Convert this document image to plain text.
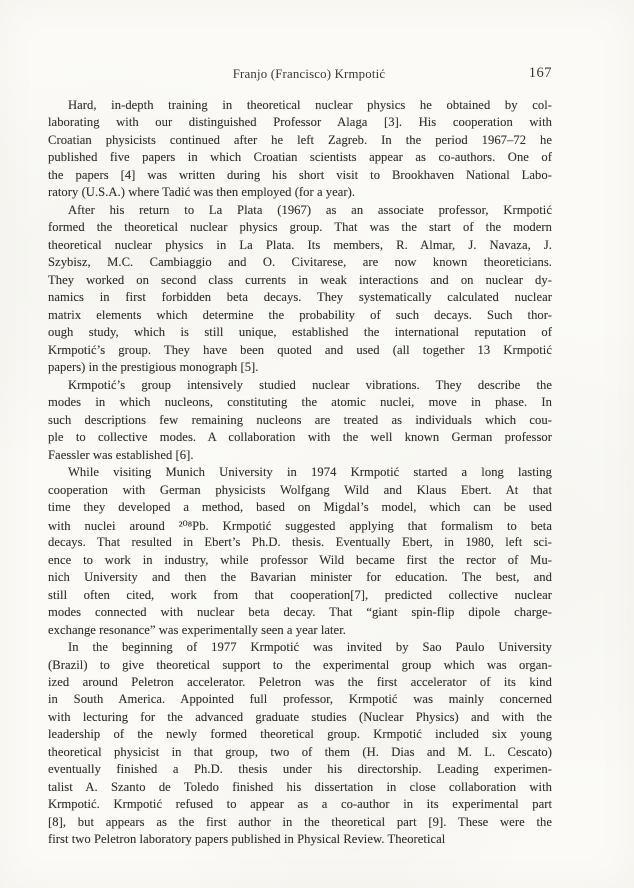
Franjo (Francisco) Krmpotić	167
Hard, in-depth training in theoretical nuclear physics he obtained by col-
laborating with our distinguished Professor Alaga [3]. His cooperation with
Croatian physicists continued after he left Zagreb. In the period 1967–72 he
published five papers in which Croatian scientists appear as co-authors. One of
the papers [4] was written during his short visit to Brookhaven National Labo-
ratory (U.S.A.) where Tadić was then employed (for a year).
After his return to La Plata (1967) as an associate professor, Krmpotić
formed the theoretical nuclear physics group. That was the start of the modern
theoretical nuclear physics in La Plata. Its members, R. Almar, J. Navaza, J.
Szybisz, M.C. Cambiaggio and O. Civitarese, are now known theoreticians.
They worked on second class currents in weak interactions and on nuclear dy-
namics in first forbidden beta decays. They systematically calculated nuclear
matrix elements which determine the probability of such decays. Such thor-
ough study, which is still unique, established the international reputation of
Krmpotić’s group. They have been quoted and used (all together 13 Krmpotić
papers) in the prestigious monograph [5].
Krmpotić’s group intensively studied nuclear vibrations. They describe the
modes in which nucleons, constituting the atomic nuclei, move in phase. In
such descriptions few remaining nucleons are treated as individuals which cou-
ple to collective modes. A collaboration with the well known German professor
Faessler was established [6].
While visiting Munich University in 1974 Krmpotić started a long lasting
cooperation with German physicists Wolfgang Wild and Klaus Ebert. At that
time they developed a method, based on Migdal’s model, which can be used
with nuclei around ²⁰⁸Pb. Krmpotić suggested applying that formalism to beta
decays. That resulted in Ebert’s Ph.D. thesis. Eventually Ebert, in 1980, left sci-
ence to work in industry, while professor Wild became first the rector of Mu-
nich University and then the Bavarian minister for education. The best, and
still often cited, work from that cooperation[7], predicted collective nuclear
modes connected with nuclear beta decay. That “giant spin-flip dipole charge-
exchange resonance” was experimentally seen a year later.
In the beginning of 1977 Krmpotić was invited by Sao Paulo University
(Brazil) to give theoretical support to the experimental group which was organ-
ized around Peletron accelerator. Peletron was the first accelerator of its kind
in South America. Appointed full professor, Krmpotić was mainly concerned
with lecturing for the advanced graduate studies (Nuclear Physics) and with the
leadership of the newly formed theoretical group. Krmpotić included six young
theoretical physicist in that group, two of them (H. Dias and M. L. Cescato)
eventually finished a Ph.D. thesis under his directorship. Leading experimen-
talist A. Szanto de Toledo finished his dissertation in close collaboration with
Krmpotić. Krmpotić refused to appear as a co-author in its experimental part
[8], but appears as the first author in the theoretical part [9]. These were the
first two Peletron laboratory papers published in Physical Review. Theoretical
